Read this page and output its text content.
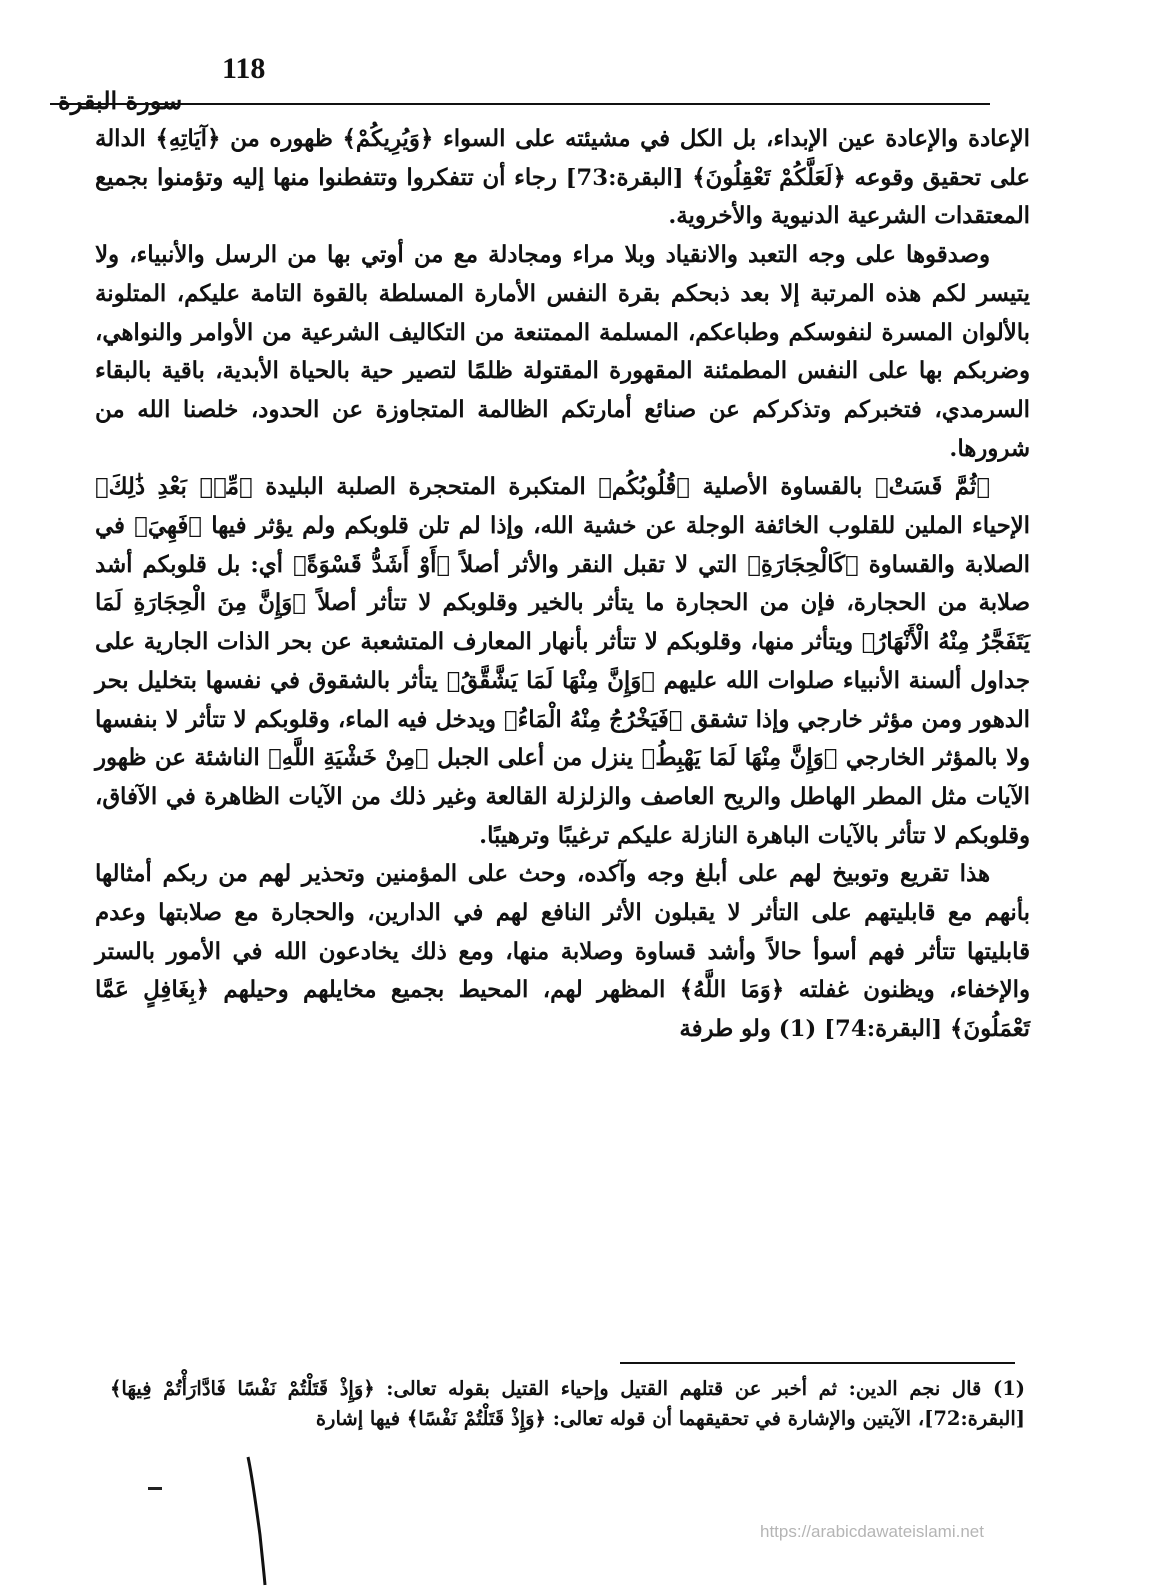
118
سورة البقرة

الإعادة والإعادة عين الإبداء، بل الكل في مشيئته على السواء ﴿وَيُرِيكُمْ﴾ ظهوره من ﴿آيَاتِهِ﴾ الدالة على تحقيق وقوعه ﴿لَعَلَّكُمْ تَعْقِلُونَ﴾ [البقرة:73] رجاء أن تتفكروا وتتفطنوا منها إليه وتؤمنوا بجميع المعتقدات الشرعية الدنيوية والأخروية.

وصدقوها على وجه التعبد والانقياد وبلا مراء ومجادلة مع من أوتي بها من الرسل والأنبياء، ولا يتيسر لكم هذه المرتبة إلا بعد ذبحكم بقرة النفس الأمارة المسلطة بالقوة التامة عليكم، المتلونة بالألوان المسرة لنفوسكم وطباعكم، المسلمة الممتنعة من التكاليف الشرعية من الأوامر والنواهي، وضربكم بها على النفس المطمئنة المقهورة المقتولة ظلمًا لتصير حية بالحياة الأبدية، باقية بالبقاء السرمدي، فتخبركم وتذكركم عن صنائع أمارتكم الظالمة المتجاوزة عن الحدود، خلصنا الله من شرورها.

﴿ثُمَّ قَسَتْ﴾ بالقساوة الأصلية ﴿قُلُوبُكُم﴾ المتكبرة المتحجرة الصلبة البليدة ﴿مِّنۢ بَعْدِ ذَٰلِكَ﴾ الإحياء الملين للقلوب الخائفة الوجلة عن خشية الله، وإذا لم تلن قلوبكم ولم يؤثر فيها ﴿فَهِيَ﴾ في الصلابة والقساوة ﴿كَالْحِجَارَةِ﴾ التي لا تقبل النقر والأثر أصلاً ﴿أَوْ أَشَدُّ قَسْوَةً﴾ أي: بل قلوبكم أشد صلابة من الحجارة، فإن من الحجارة ما يتأثر بالخير وقلوبكم لا تتأثر أصلاً ﴿وَإِنَّ مِنَ الْحِجَارَةِ لَمَا يَتَفَجَّرُ مِنْهُ الْأَنْهَارُ﴾ ويتأثر منها، وقلوبكم لا تتأثر بأنهار المعارف المتشعبة عن بحر الذات الجارية على جداول ألسنة الأنبياء صلوات الله عليهم ﴿وَإِنَّ مِنْهَا لَمَا يَشَّقَّقُ﴾ يتأثر بالشقوق في نفسها بتخليل بحر الدهور ومن مؤثر خارجي وإذا تشقق ﴿فَيَخْرُجُ مِنْهُ الْمَاءُ﴾ ويدخل فيه الماء، وقلوبكم لا تتأثر لا بنفسها ولا بالمؤثر الخارجي ﴿وَإِنَّ مِنْهَا لَمَا يَهْبِطُ﴾ ينزل من أعلى الجبل ﴿مِنْ خَشْيَةِ اللَّهِ﴾ الناشئة عن ظهور الآيات مثل المطر الهاطل والريح العاصف والزلزلة القالعة وغير ذلك من الآيات الظاهرة في الآفاق، وقلوبكم لا تتأثر بالآيات الباهرة النازلة عليكم ترغيبًا وترهيبًا.

هذا تقريع وتوبيخ لهم على أبلغ وجه وآكده، وحث على المؤمنين وتحذير لهم من ربكم أمثالها بأنهم مع قابليتهم على التأثر لا يقبلون الأثر النافع لهم في الدارين، والحجارة مع صلابتها وعدم قابليتها تتأثر فهم أسوأ حالاً وأشد قساوة وصلابة منها، ومع ذلك يخادعون الله في الأمور بالستر والإخفاء، ويظنون غفلته ﴿وَمَا اللَّهُ﴾ المظهر لهم، المحيط بجميع مخايلهم وحيلهم ﴿بِغَافِلٍ عَمَّا تَعْمَلُونَ﴾ [البقرة:74] (1) ولو طرفة

(1) قال نجم الدين: ثم أخبر عن قتلهم القتيل وإحياء القتيل بقوله تعالى: ﴿وَإِذْ قَتَلْتُمْ نَفْسًا فَادَّارَأْتُمْ فِيهَا﴾ [البقرة:72]، الآيتين والإشارة في تحقيقهما أن قوله تعالى: ﴿وَإِذْ قَتَلْتُمْ نَفْسًا﴾ فيها إشارة

https://arabicdawateislami.net
